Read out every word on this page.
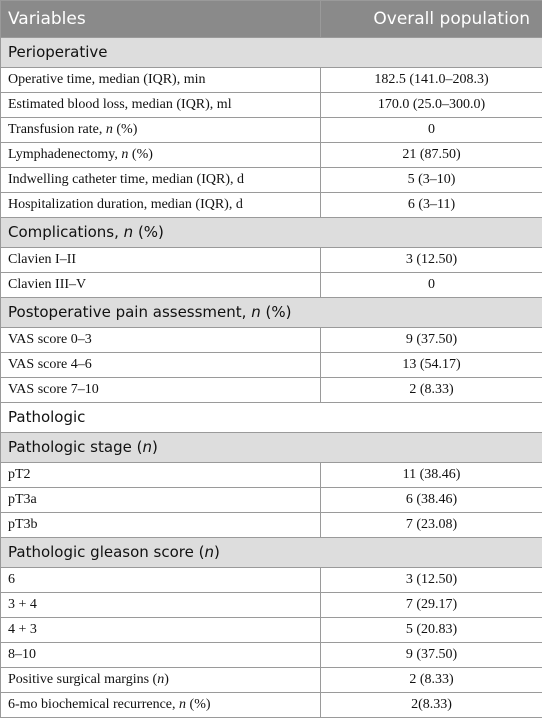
Variables	Overall population
Perioperative	
Operative time, median (IQR), min	182.5 (141.0–208.3)
Estimated blood loss, median (IQR), ml	170.0 (25.0–300.0)
Transfusion rate, n (%)	0
Lymphadenectomy, n (%)	21 (87.50)
Indwelling catheter time, median (IQR), d	5 (3–10)
Hospitalization duration, median (IQR), d	6 (3–11)
Complications, n (%)	
Clavien I–II	3 (12.50)
Clavien III–V	0
Postoperative pain assessment, n (%)	
VAS score 0–3	9 (37.50)
VAS score 4–6	13 (54.17)
VAS score 7–10	2 (8.33)
Pathologic	
Pathologic stage (n)	
pT2	11 (38.46)
pT3a	6 (38.46)
pT3b	7 (23.08)
Pathologic gleason score (n)	
6	3 (12.50)
3 + 4	7 (29.17)
4 + 3	5 (20.83)
8–10	9 (37.50)
Positive surgical margins (n)	2 (8.33)
6-mo biochemical recurrence, n (%)	2(8.33)
